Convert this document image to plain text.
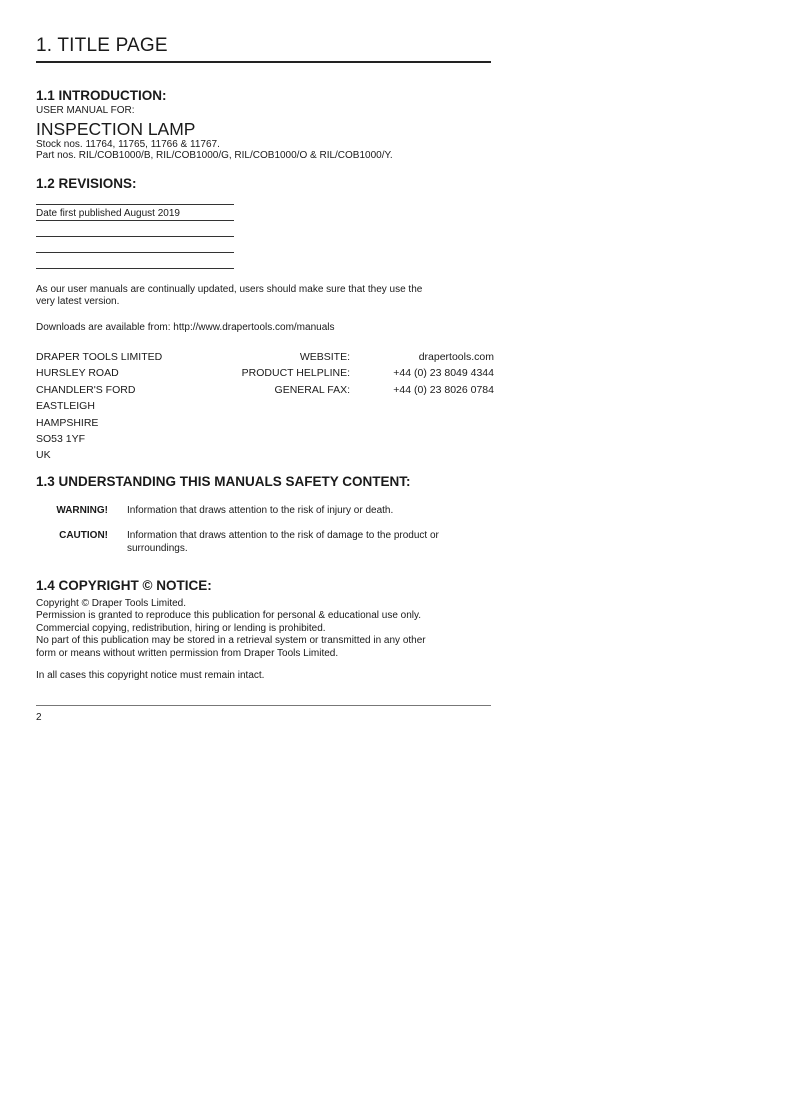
1. TITLE PAGE
1.1 INTRODUCTION:
USER MANUAL FOR:
INSPECTION LAMP
Stock nos. 11764, 11765, 11766 & 11767.
Part nos. RIL/COB1000/B, RIL/COB1000/G, RIL/COB1000/O & RIL/COB1000/Y.
1.2 REVISIONS:
Date first published August 2019
As our user manuals are continually updated, users should make sure that they use the
very latest version.
Downloads are available from: http://www.drapertools.com/manuals
DRAPER TOOLS LIMITED
HURSLEY ROAD
CHANDLER'S FORD
EASTLEIGH
HAMPSHIRE
SO53 1YF
UK
WEBSITE:
PRODUCT HELPLINE:
GENERAL FAX:
drapertools.com
+44 (0) 23 8049 4344
+44 (0) 23 8026 0784
1.3 UNDERSTANDING THIS MANUALS SAFETY CONTENT:
WARNING! Information that draws attention to the risk of injury or death.
CAUTION! Information that draws attention to the risk of damage to the product or
surroundings.
1.4 COPYRIGHT © NOTICE:
Copyright © Draper Tools Limited.
Permission is granted to reproduce this publication for personal & educational use only.
Commercial copying, redistribution, hiring or lending is prohibited.
No part of this publication may be stored in a retrieval system or transmitted in any other
form or means without written permission from Draper Tools Limited.
In all cases this copyright notice must remain intact.
2
